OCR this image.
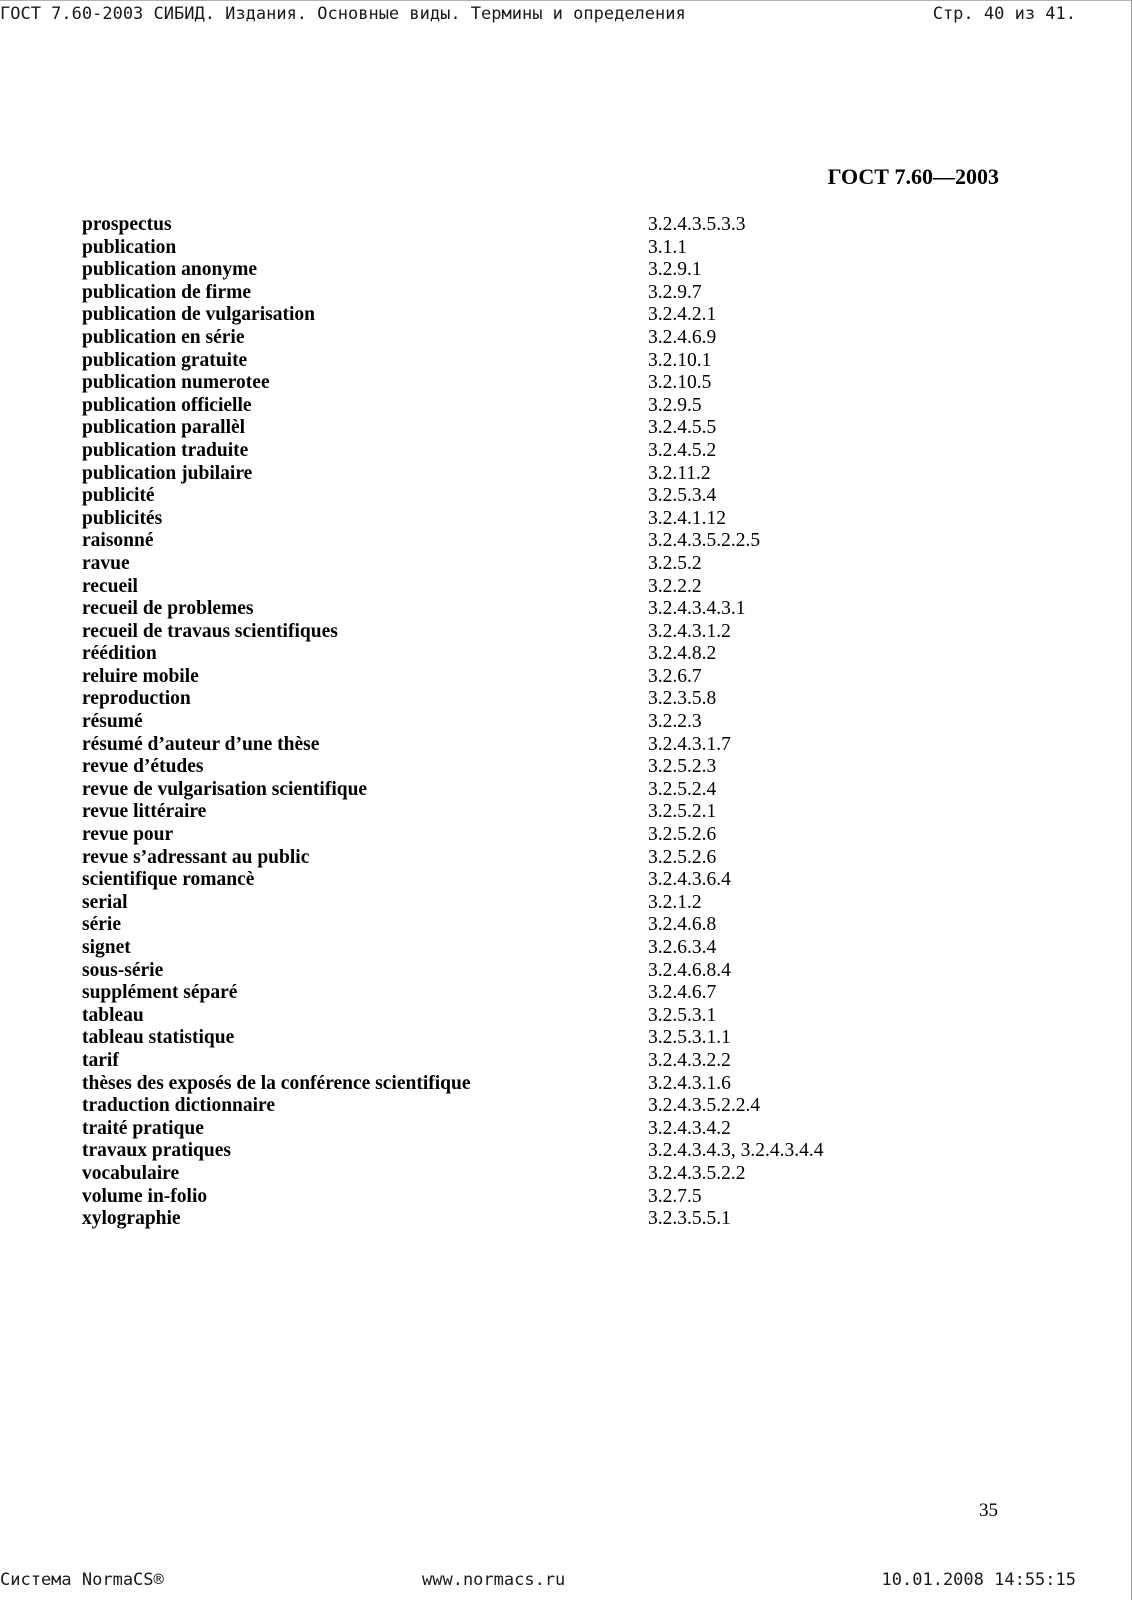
ГОСТ 7.60-2003 СИБИД. Издания. Основные виды. Термины и определения	Стр. 40 из 41.
ГОСТ 7.60—2003
prospectus	3.2.4.3.5.3.3
publication	3.1.1
publication anonyme	3.2.9.1
publication de firme	3.2.9.7
publication de vulgarisation	3.2.4.2.1
publication en série	3.2.4.6.9
publication gratuite	3.2.10.1
publication numerotee	3.2.10.5
publication officielle	3.2.9.5
publication parallèl	3.2.4.5.5
publication traduite	3.2.4.5.2
publication jubilaire	3.2.11.2
publicité	3.2.5.3.4
publicités	3.2.4.1.12
raisonné	3.2.4.3.5.2.2.5
ravue	3.2.5.2
recueil	3.2.2.2
recueil de problemes	3.2.4.3.4.3.1
recueil de travaus scientifiques	3.2.4.3.1.2
réédition	3.2.4.8.2
reluire mobile	3.2.6.7
reproduction	3.2.3.5.8
résumé	3.2.2.3
résumé d’auteur d’une thèse	3.2.4.3.1.7
revue d’études	3.2.5.2.3
revue de vulgarisation scientifique	3.2.5.2.4
revue littéraire	3.2.5.2.1
revue pour	3.2.5.2.6
revue s’adressant au public	3.2.5.2.6
scientifique romancè	3.2.4.3.6.4
serial	3.2.1.2
série	3.2.4.6.8
signet	3.2.6.3.4
sous-série	3.2.4.6.8.4
supplément séparé	3.2.4.6.7
tableau	3.2.5.3.1
tableau statistique	3.2.5.3.1.1
tarif	3.2.4.3.2.2
thèses des exposés de la conférence scientifique	3.2.4.3.1.6
traduction dictionnaire	3.2.4.3.5.2.2.4
traité pratique	3.2.4.3.4.2
travaux pratiques	3.2.4.3.4.3, 3.2.4.3.4.4
vocabulaire	3.2.4.3.5.2.2
volume in-folio	3.2.7.5
xylographie	3.2.3.5.5.1
35
Система NormaCS®	www.normacs.ru	10.01.2008 14:55:15
